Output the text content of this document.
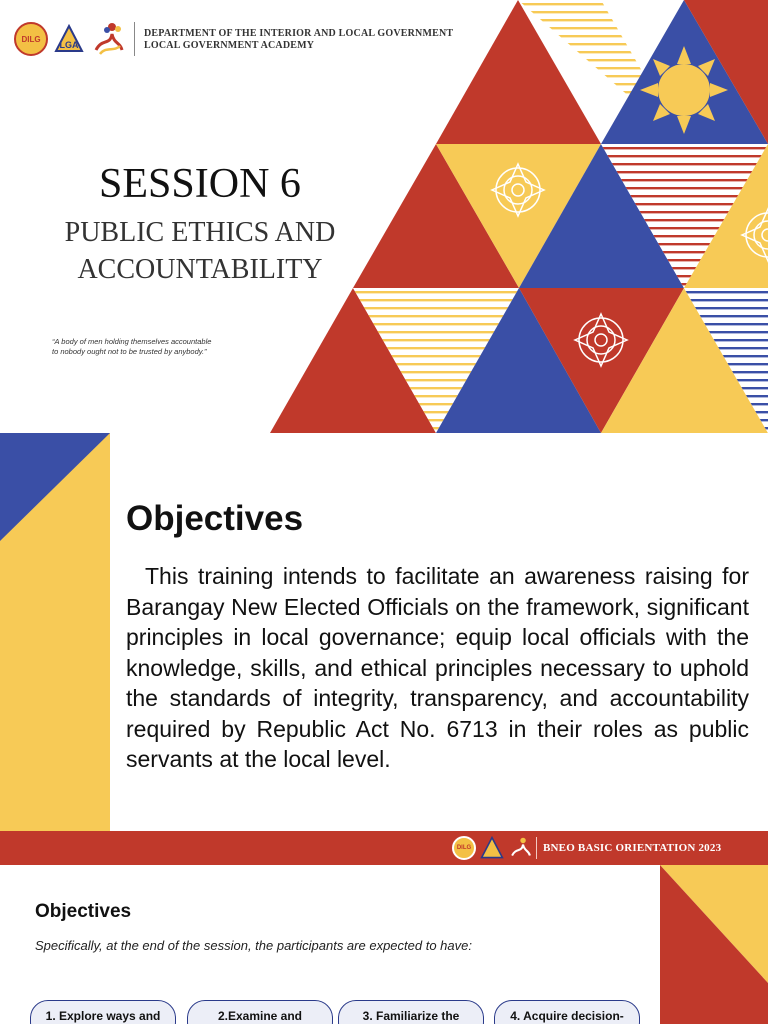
DILG
LGA
DEPARTMENT OF THE INTERIOR AND LOCAL GOVERNMENT
LOCAL GOVERNMENT ACADEMY
SESSION 6
PUBLIC ETHICS AND
ACCOUNTABILITY
“A body of men holding themselves accountable
to nobody ought not to be trusted by anybody.”
Objectives

This training intends to facilitate an awareness raising for Barangay New Elected Officials on the framework, significant principles in local governance; equip local officials with the knowledge, skills, and ethical principles necessary to uphold the standards of integrity, transparency, and accountability required by Republic Act No. 6713 in their roles as public servants at the local level.

DILG	BNEO BASIC ORIENTATION 2023
Objectives
Specifically, at the end of the session, the participants are expected to have:
1. Explore ways and	2.Examine and	3. Familiarize the	4. Acquire decision-
